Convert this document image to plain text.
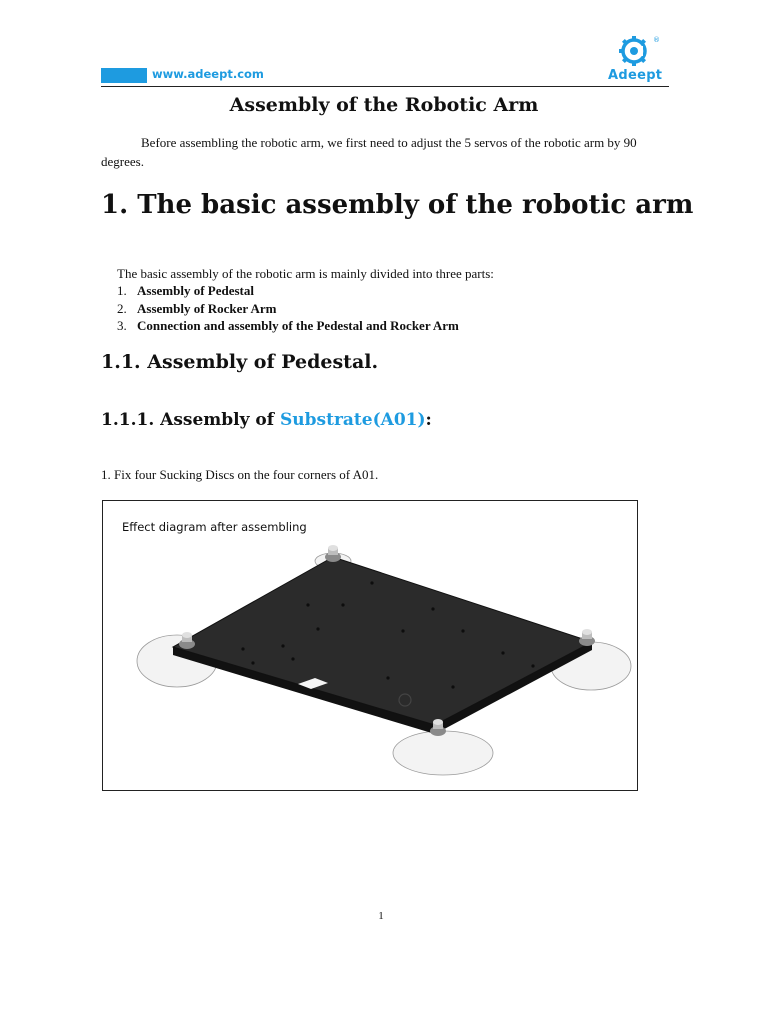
www.adeept.com
®
Adeept
Assembly of the Robotic Arm
Before assembling the robotic arm, we first need to adjust the 5 servos of the robotic arm by 90 degrees.
1. The basic assembly of the robotic arm
The basic assembly of the robotic arm is mainly divided into three parts:
1. Assembly of Pedestal
2. Assembly of Rocker Arm
3. Connection and assembly of the Pedestal and Rocker Arm
1.1. Assembly of Pedestal.
1.1.1. Assembly of Substrate(A01):
1. Fix four Sucking Discs on the four corners of A01.
Effect diagram after assembling
1
